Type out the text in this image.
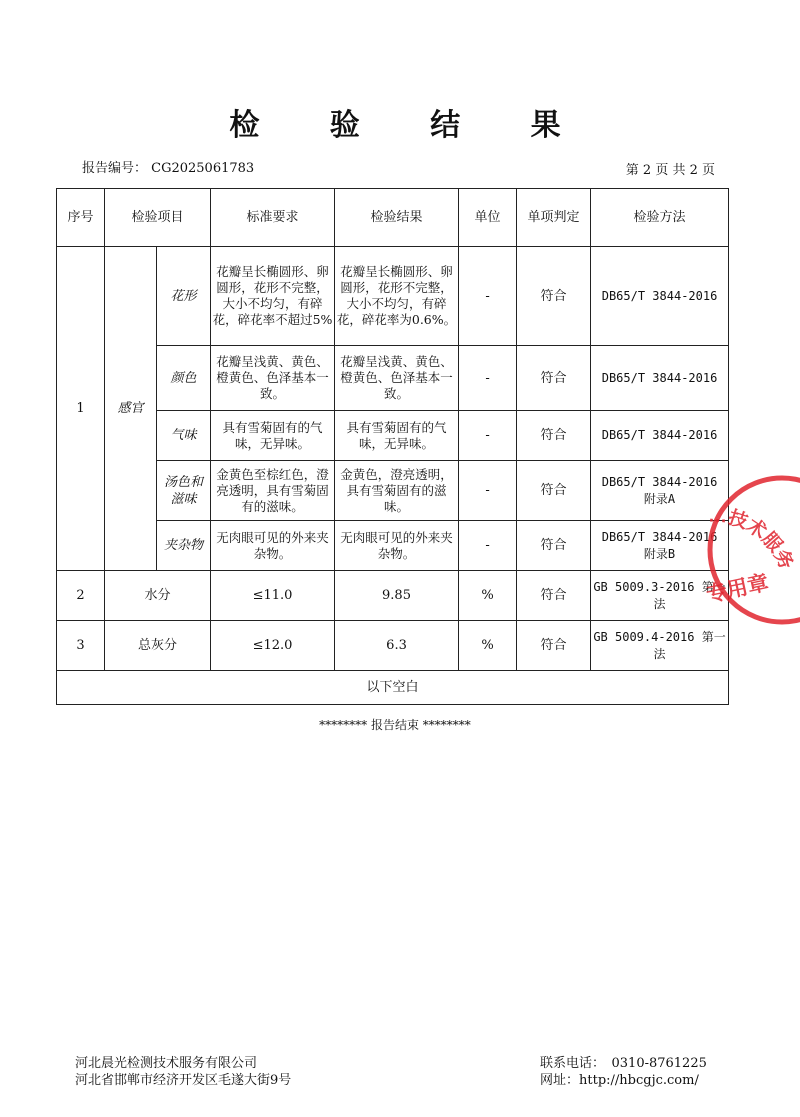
检 验 结 果
报告编号： CG2025061783	第 2 页 共 2 页
序号	检验项目		标准要求	检验结果	单位	单项判定	检验方法
1	感官	花形	花瓣呈长椭圆形、卵圆形，花形不完整，大小不均匀，有碎花，碎花率不超过5%	花瓣呈长椭圆形、卵圆形，花形不完整，大小不均匀，有碎花，碎花率为0.6%。	-	符合	DB65/T 3844-2016
		颜色	花瓣呈浅黄、黄色、橙黄色、色泽基本一致。	花瓣呈浅黄、黄色、橙黄色、色泽基本一致。	-	符合	DB65/T 3844-2016
		气味	具有雪菊固有的气味，无异味。	具有雪菊固有的气味，无异味。	-	符合	DB65/T 3844-2016
		汤色和滋味	金黄色至棕红色，澄亮透明，具有雪菊固有的滋味。	金黄色，澄亮透明，具有雪菊固有的滋味。	-	符合	DB65/T 3844-2016 附录A
		夹杂物	无肉眼可见的外来夹杂物。	无肉眼可见的外来夹杂物。	-	符合	DB65/T 3844-2016 附录B
2	水分		≤11.0	9.85	%	符合	GB 5009.3-2016 第一法
3	总灰分		≤12.0	6.3	%	符合	GB 5009.4-2016 第一法
以下空白							
******** 报告结束 ********
…技术服务有限公司
专用章
河北晨光检测技术服务有限公司
河北省邯郸市经济开发区毛遂大街9号
联系电话：　0310-8761225
网址：http://hbcgjc.com/
